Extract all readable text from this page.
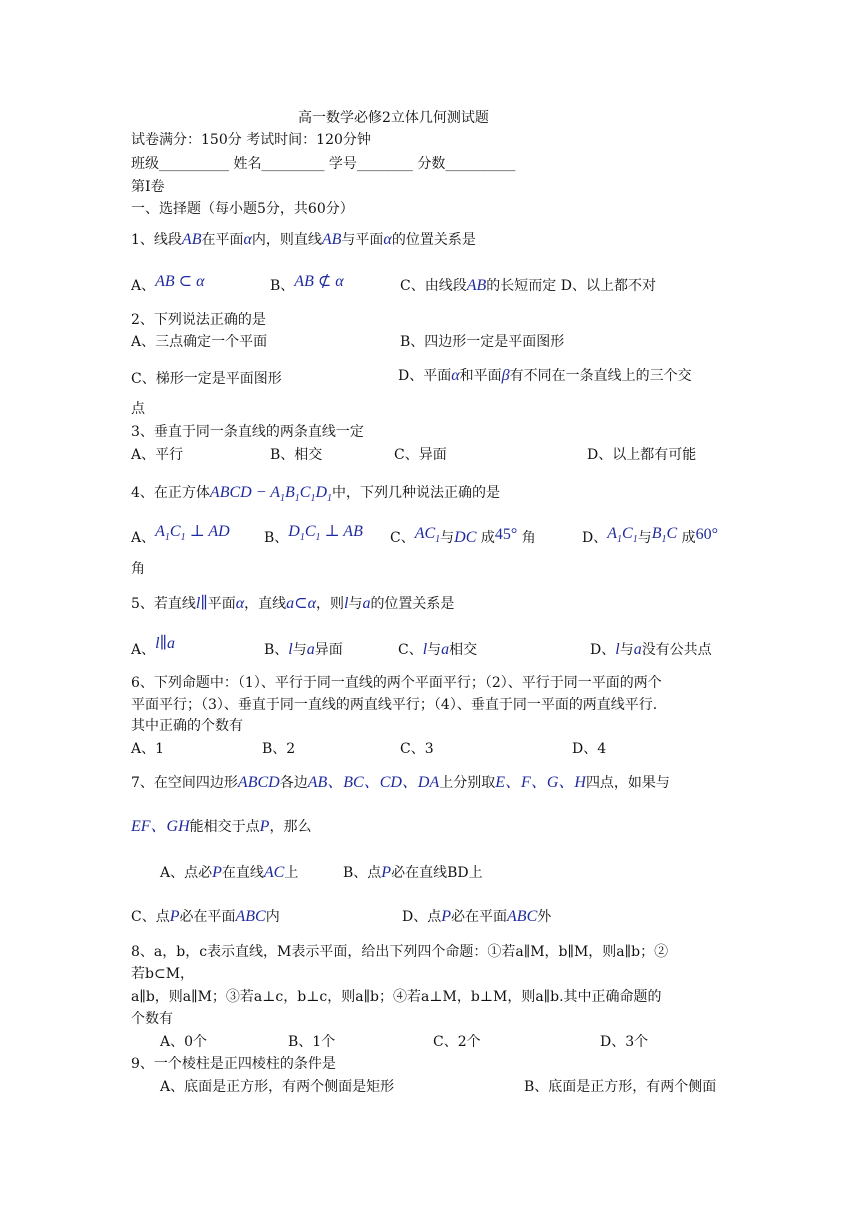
高一数学必修2立体几何测试题
试卷满分：150分 考试时间：120分钟
班级__________ 姓名_________ 学号________ 分数__________
第Ⅰ卷
一、选择题（每小题5分，共60分）
1、线段AB在平面α内，则直线AB与平面α的位置关系是
A、AB ⊂ α	B、AB ⊄ α	C、由线段AB的长短而定 D、以上都不对
2、下列说法正确的是
A、三点确定一个平面	B、四边形一定是平面图形
C、梯形一定是平面图形	D、平面α和平面β有不同在一条直线上的三个交
点
3、垂直于同一条直线的两条直线一定
A、平行	B、相交	C、异面	D、以上都有可能
4、在正方体ABCD − $A_1B_1C_1D_1$中，下列几种说法正确的是
A、$A_1C_1$ ⊥ AD B、$D_1C_1$ ⊥ AB C、$AC_1$与DC 成45° 角	D、$A_1C_1$与$B_1C$ 成60°
角
5、若直线l∥平面α，直线a⊂α，则l与a的位置关系是
A、l∥a	B、l与a异面	C、l与a相交	D、l与a没有公共点
6、下列命题中：（1）、平行于同一直线的两个平面平行；（2）、平行于同一平面的两个
平面平行；（3）、垂直于同一直线的两直线平行；（4）、垂直于同一平面的两直线平行.
其中正确的个数有
A、1	B、2	C、3	D、4
7、在空间四边形ABCD各边AB、BC、CD、DA上分别取E、F、G、H四点，如果与
EF、GH能相交于点P，那么
A、点必P在直线AC上	B、点P必在直线BD上
C、点P必在平面ABC内	D、点P必在平面ABC外
8、a，b，c表示直线，M表示平面，给出下列四个命题：①若a∥M，b∥M，则a∥b；②
若b⊂M，
a∥b，则a∥M；③若a⊥c，b⊥c，则a∥b；④若a⊥M，b⊥M，则a∥b.其中正确命题的
个数有
A、0个	B、1个	C、2个	D、3个
9、一个棱柱是正四棱柱的条件是
A、底面是正方形，有两个侧面是矩形	B、底面是正方形，有两个侧面
